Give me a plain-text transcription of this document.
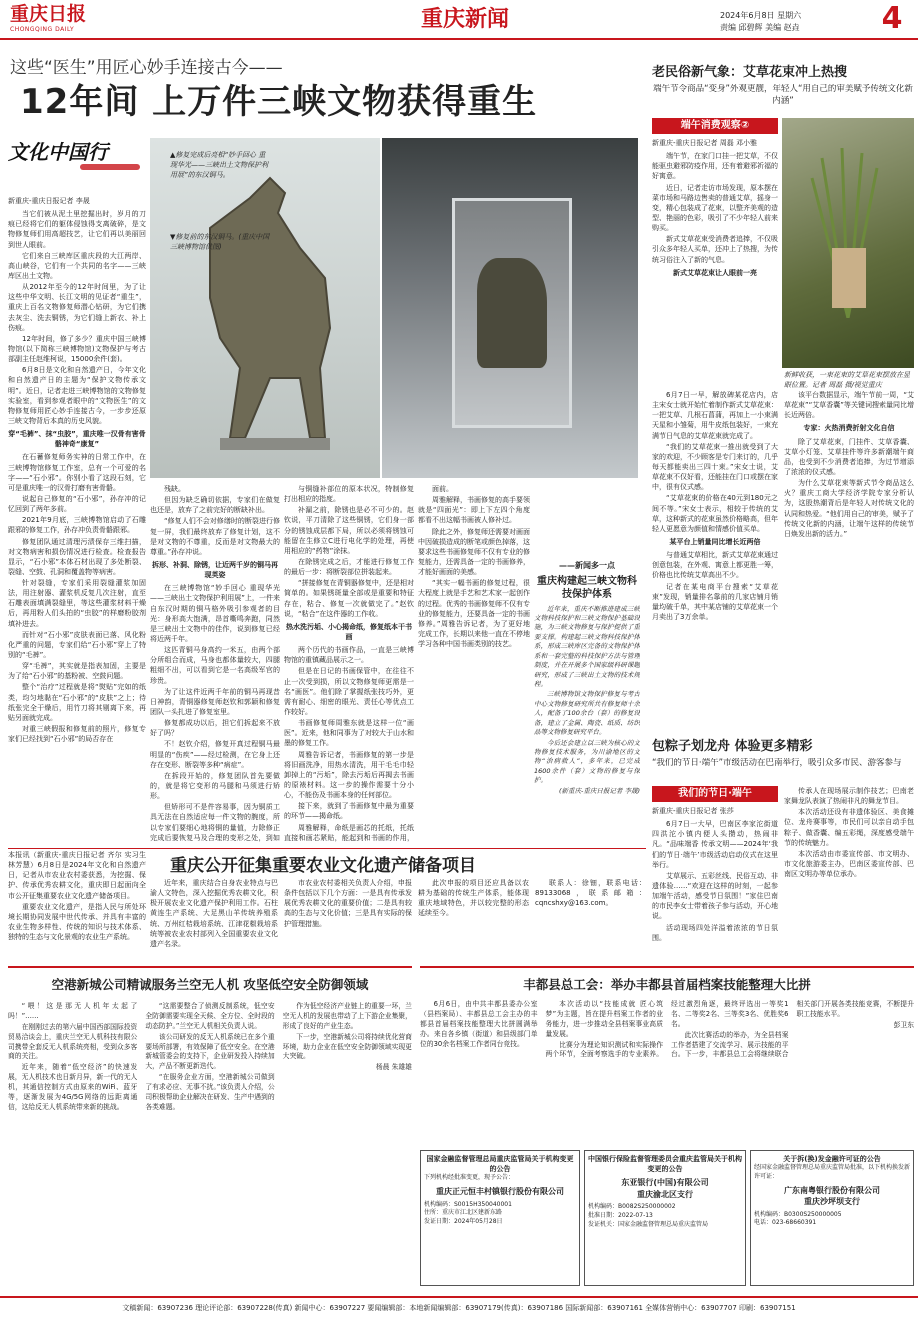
重庆日报
CHONGQING DAILY	重庆新闻	2024年6月8日 星期六
责编 邱碧辉 美编 赵垚	4
这些“医生”用匠心妙手连接古今——
12年间 上万件三峡文物获得重生
文化中国行	▲修复完成后亮相“妙手回心 重现华光——三峡出土文物保护利用展”的东汉铜马。
▼修复前的东汉铜马。(重庆中国三峡博物馆供图)
新重庆-重庆日报记者 李晟

当它们被从泥土里挖掘出时，岁月的刀痕已经将它们的躯体侵蚀得支离破碎，是文物修复师们用高超技艺，让它们再以美丽回到世人眼前。

它们来自三峡库区重庆段的大江两岸、高山峡谷，它们有一个共同的名字——三峡库区出土文物。

从2012年至今的12年时间里，为了让这些中华文明、长江文明的见证者“重生”，重庆上百名文物修复师潜心钻研，为它们携去灰尘、洗去铜锈，为它们缝上新衣、补上伤痕。

12年时间，修了多少？重庆中国三峡博物馆(以下简称三峡博物馆)文物保护与考古部副主任赵维柯说，15000余件(套)。

6月8日是文化和自然遗产日，今年文化和自然遗产日的主题为“保护文物传承文明”。近日，记者走进三峡博物馆的文物修复实验室，看到参观者眼中的“文物医生”的文物修复师用匠心妙手连接古今，一步步还原三峡文物背后本真的历史风貌。

穿“毛裤”、抹“虫胶”，重庆唯一汉骨有害骨骼神奇“康复”

在石蓄修复师务实神的日常工作中，在三峡博物馆修复工作室，总有一个可爱的名字——“石小邪”。你别小看了这段石刻，它可是重庆唯一的汉骨打磨有害骨骼。

说起自己修复的“石小邪”，孙存冲的记忆回到了两年多前。

2021年9月底，三峡博物馆启动了石雕跟邪的修复工作，孙存冲负责骨骼跟邪。

修复团队通过清理污渍保存三维扫描，对文物病害和损伤情况进行检查。检查报告显示，“石小邪”本体石材出现了多处断裂、裂缝、空鼓、孔洞和覆盖物等病害。

针对裂缝，专家们采用裂缝灌浆加固法，用注射器、灌浆机反复几次注射，直至石雕表面填满裂缝里，等这些灌浆材料干燥后，再用粉人们头拍的“虫胶”的样磨粉胶剂填补进去。

而针对“石小邪”皮肤表面已落、风化粉化严重的问题，专家们给“石小邪”穿上了特别的“毛裤”。

穿“毛裤”，其实就是指表加固，主要是为了给“石小邪”的基粉被、空鼓问题。

整个“治疗”过程就是将“熨贴”完如的纸类，均匀地黏在“石小邪”的“皮肤”之上；待纸张完全干燥后，用竹刀将其剔离下来，再贴另面就完成。

对重三峡假报和修复前的照片，修复专家们已经找到“石小邪”的局否存在

残缺。

但因为缺乏确切依据，专家们在做复也还是，放弃了之前完好的断缺补出。

“修复人们不会对修缮时的断裂进行修复一屏，我们最终放弃了修复计划，这不是对文物的不尊重，反而是对文物最大的尊重。”孙存冲说。

拆形、补洞、除锈，让近两千岁的铜马再现英姿

在三峡博物馆“妙手回心 重现华光——三峡出土文物保护利用展”上，一件来自东汉时期的铜马格外吸引参观者的目光：身形高大饱满，昂首嘶鸣奔跑，同然是三峡出土文物中的佳作，说到修复已经将近两千年。

这匹青铜马身高约一米五，由两个部分所组合而成，马身也都体量较大，四腿粗细不出，可以看到它是一名高级军官的珍贵。

为了让这件近两千年前的铜马再现昔日神韵，青铜器修复师赵钦和郭颖和修复团队一头扎进了修复室里。

修复都成功以后，担它们拆起来不放好了吗？

不！赵钦介绍，修复开真过程铜马最明显的“伤疾”——经过检测，在它身上还存在变形、断裂等多种“病症”。

在拆段开始的，修复团队首先要做的，就是将它变形的马腿和马须进行矫形。

但矫形可不是件容易事，因为铜质工具无法在自然适应每一件文物的腕度，所以专家们要细心地将铜的量值，力除修正完成后要恢复马及合理的变形之处，到如

与铜缝补部位的原本状况，特制修复打出相应的指度。

补漏之前，除锈也是必不可少的。赵钦说，平刀清除了这些铜锈，它们身一部分的锈蚀成层都下局，所以必须将锈蚀可能留在生修立C进行电化学的处理，再使用相应的“药物”涂抹。

在除锈完成之后，才能进行修复工作的最后一步：将断裂部位拼装起来。

“拼接修复在青铜器修复中，还是相对简单的。如果锈斑量全部或是重要和特征存在，粘合、修复一次就做完了。”赵钦说，“粘合”在这件器的工作收。

热水洗污垢、小心揭命纸，修复纸本干书画

两个历代的书画作品，一直是三峡博物馆的重镇藏品展示之一。

但是在日记的书画保管中，在往往不止一次受到损，所以文物修复师更需是一名“画医”。他们除了掌握纸张技巧外，更需有耐心、细密的眼光、责任心等优点工作较好。

书画修复师周雅东就是这样一位“画医”。近来，他和同事为了对较大于山水和墨的修复工作。

周雅告诉记者，书画修复的第一步是将旧画洗净，用热水清洗，用干毛毛巾轻卸掉上的“污垢”，除去污垢后再揭去书画的原裱材料。这一步的操作需要十分小心，不能伤及书画本身的任何部位。

接下来，就到了书画修复中最为重要的环节——揭命纸。

周雅解释，命纸是画芯的托纸，托纸直接和画芯紧贴，能起到和书画的作用，

面前。

周雅解释，书画修复的高手要领就是“四面光”：即上下左四个角度都看不出这幅书画被人修补过。

除此之外，修复师还需要对画面中因破损造成的断笔或颜色掉落，这要求这些书画修复师不仅有专业的修复能力，还需具备一定的书画修养，才能好画面的美感。

“其实一幅书画的修复过程，很大程度上就是手艺和艺术家一起创作的过程。优秀的书画修复师不仅有专业的修复能力，还要具备一定的书画修养。”周雅告诉记者，为了更好地完成工作，长期以来他一直在不停地学习各种中国书画类别的技艺。

——新闻多一点
重庆构建起三峡文物科技保护体系

近年来，重庆不断推进建成三峡文物科技保护和三峡文物保护基础设施，为三峡文物修复与保护提供了重要支撑。构建起三峡文物科技保护体系，形成三峡库区完备的文物保护体系和一套完整的科技保护方法与管理制度，并在开展多个国家级科研课题研究，形成了三峡出土文物的技术规程。

三峡博物馆文物保护修复与考古中心文物修复研究所共有修复师十余人，配备了100余台（套）的修复设备，建立了金属、陶瓷、纸质、纺织品等文物修复研究平台。

今后还会建立以三峡为核心的文物修复技术服务，为川渝地区的文物“治病救人”，多年来，已完成1600余件（套）文物的修复与保护。

(新重庆-重庆日报记者 李晟)
老民俗新气象：艾草花束冲上热搜
端午节令商品“变身”外观更靓，年轻人“用自己的审美赋予传统文化新内涵”
端午消费观察②
新鲜收获，一束花束的艾草花束摆放在显眼位置。记者 周磊 摄/视觉重庆
新重庆-重庆日报记者 周磊 邓小雅

端午节，在家门口挂一把艾草，不仅能驱虫避邪防疫作用，还有着避邪祈福的好寓意。

近日，记者走访市场发现，原本摆在菜市场和马路边售卖的普通艾草，摇身一变，精心包装成了花束，以整齐美观的造型、艳丽的色彩，吸引了不少年轻人前来购买。

新式艾草花束受消费者追捧，不仅吸引众多年轻人买单，还冲上了热搜，为传统习俗注入了新的气息。

新式艾草花束让人眼前一亮

6月7日一早，解放碑某花店内，店主宋女士就开始忙着制作新式艾草花束：一把艾草、几根石菖蒲，再加上一小束满天星和小雏菊，用牛皮纸包装好，一束充满节日气息的艾草花束就完成了。

“我们的艾草花束一推出就受到了大家的欢迎，不少顾客是专门来订的，几乎每天都能卖出三四十束。”宋女士说，艾草花束不仅好看，还能挂在门口或摆在家中，很有仪式感。

“艾草花束的价格在40元到180元之间不等。”宋女士表示，相较于传统的艾草，这种新式的花束虽然价格略高，但年轻人更愿意为颜值和情感价值买单。

某平台上销量同比增长近两倍

与普通艾草相比，新式艾草花束通过创意包装，在外观、寓意上都更胜一筹，价格也比传统艾草高出不少。

记者在某电商平台搜索“艾草花束”发现，销量排名靠前的几家店铺月销量均破千单，其中某店铺的艾草花束一个月卖出了3万余单。

该平台数据显示，端午节前一周，“艾草花束”“艾草香囊”等关键词搜索量同比增长近两倍。

专家：火热消费折射文化自信

除了艾草花束，门挂件、艾草香囊、艾草小灯笼、艾草挂件等许多新潮端午商品，也受到不少消费者追捧，为过节增添了浓浓的仪式感。

为什么艾草花束等新式节令商品这么火？重庆工商大学经济学院专家分析认为，这股热潮背后是年轻人对传统文化的认同和热爱。“他们用自己的审美，赋予了传统文化新的内涵，让端午这样的传统节日焕发出新的活力。”

包粽子划龙舟 体验更多精彩
“我们的节日·端午”市级活动在巴南举行，吸引众多市民、游客参与
我们的节日·端午
新重庆-重庆日报记者 张莎

6月7日一大早，巴南区李家沱街道四洪沱小镇内便人头攒动，热闹非凡。“品味端香 传承文明——2024年‘我们的节日·端午’市级活动启动仪式在这里举行。

艾草展示、五彩丝线、民俗互动、非遗体验……“欢迎在这样的时刻，一起参加端午活动，感受节日氛围！”家住巴南的市民李女士带着孩子参与活动，开心地说。

活动现场四处洋溢着浓浓的节日氛围。

传承人在现场展示制作技艺；巴南老家舞龙队表演了热闹非凡的舞龙节目。

本次活动还设有非遗体验区、美食摊位、龙舟赛事等，市民们可以亲自动手包粽子、做香囊、编五彩绳，深度感受端午节的传统魅力。

本次活动由市委宣传部、市文明办、市文化旅游委主办，巴南区委宣传部、巴南区文明办等单位承办。

重庆公开征集重要农业文化遗产储备项目

本报讯（新重庆-重庆日报记者 齐尔 实习生 林芳慧）6月8日是2024年文化和自然遗产日，记者从市农业农村委获悉，为挖掘、保护、传承优秀农耕文化，重庆即日起面向全市公开征集重要农业文化遗产储备项目。

重要农业文化遗产，是指人民与所处环境长期协同发展中世代传承、并具有丰富的农业生物多样性、传统的知识与技术体系、独特的生态与文化景观的农业生产系统。

近年来，重庆结合自身农业特点与巴渝人文特色，深入挖掘优秀农耕文化，积极开展农业文化遗产保护利用工作。石柱黄连生产系统、大足黑山羊传统养殖系统、万州红桔栽培系统、江津花椒栽培系统等被农业农村部列入全国重要农业文化遗产名录。

市农业农村委相关负责人介绍，申报条件包括以下几个方面：一是具有传承发展优秀农耕文化的重要价值；二是具有较高的生态与文化价值；三是具有实际的保护管理措施。

此次申报的项目还应具备以农耕为基础的传统生产体系，能体现重庆地域特色，并以较完整的形态延续至今。

联系人：徐钿，联系电话：89133068，联系邮箱：cqncshxy@163.com。

空港新城公司精诚服务兰空无人机 攻坚低空安全防御领域

“喂！这是那无人机年太起了吗！”……

在刚刚过去的第六届中国西部国际投资贸易洽谈会上，重庆兰空无人机科技有限公司携带全套反无人机系统亮相，受到众多客商的关注。

近年来，随着“低空经济”的快速发展，无人机技术也日新月异，新一代的无人机，其通信控制方式由原来的WiFi、蓝牙等，逐渐发展为4G/5G网络的远距离通信，这给反无人机系统带来新的挑战。

“这需要整合了侦测反制系统，低空安全防御需要实现全天候、全方位、全时段的动态防护。”兰空无人机相关负责人说。

该公司研发的反无人机系统已在多个重要场所部署，有效保障了低空安全。在空港新城管委会的支持下，企业研发投入持续加大，产品不断更新迭代。

“在服务企业方面，空港新城公司做到了有求必应、无事不扰。”该负责人介绍，公司积极帮助企业解决在研发、生产中遇到的各类难题。

作为低空经济产业链上的重要一环，兰空无人机的发展也带动了上下游企业集聚，形成了良好的产业生态。

下一步，空港新城公司将持续优化营商环境，助力企业在低空安全防御领域实现更大突破。

杨晨 朱雄雄
丰都县总工会：举办丰都县首届档案技能整理大比拼

6月6日，由中共丰都县委办公室（县档案局）、丰都县总工会主办的丰都县首届档案技能整理大比拼圆满举办。来自各乡镇（街道）和县级部门单位的30余名档案工作者同台竞技。

本次活动以“技能成就 匠心筑梦”为主题，旨在提升档案工作者的业务能力，进一步推动全县档案事业高质量发展。

比赛分为理论知识测试和实际操作两个环节，全面考察选手的专业素养。经过激烈角逐，最终评选出一等奖1名、二等奖2名、三等奖3名、优胜奖6名。

此次比赛活动的举办，为全县档案工作者搭建了交流学习、展示技能的平台。下一步，丰都县总工会将继续联合相关部门开展各类技能竞赛，不断提升职工技能水平。

彭卫东
国家金融监督管理总局重庆监管局关于机构变更的公告
下列机构经批准变更，现予公告：
重庆正元恒丰村镇银行股份有限公司
机构编码：S0015H350040001
住所：重庆市江北区建新东路
发证日期：2024年05月28日
中国银行保险监督管理委员会重庆监管局关于机构变更的公告
东亚银行(中国)有限公司
重庆渝北区支行
机构编码：B0082S250000002
批准日期：2022-07-13
发证机关：国家金融监督管理总局重庆监管局
关于拆(换)发金融许可证的公告
经国家金融监督管理总局重庆监管局批准，以下机构换发新许可证：
广东南粤银行股份有限公司
重庆沙坪坝支行
机构编码：B0300S250000005
电话：023-68660391
文稿新闻：63907236 理论评论部：63907228(传真) 新闻中心：63907227 要闻编辑部：本地新闻编辑部：63907179(传真)：63907186 国际新闻部：63907161 全媒体营销中心：63907707 印刷：63907151
